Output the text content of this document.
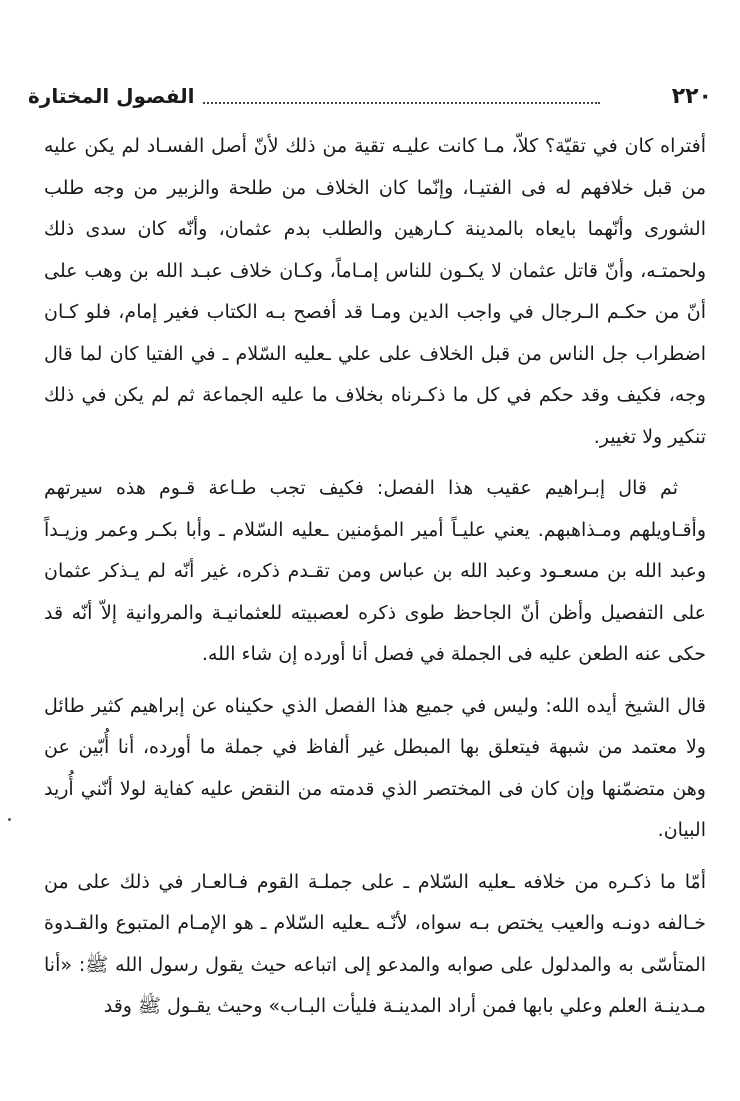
الفصول المختارة	٢٢٠

أفتراه كان في تقيّة؟ كلاّ، مـا كانت عليـه تقية من ذلك لأنّ أصل الفسـاد لم يكن عليه من قبل خلافهم له فى الفتيـا، وإنّما كان الخلاف من طلحة والزبير من وجه طلب الشورى وأنّهما بايعاه بالمدينة كـارهين والطلب بدم عثمان، وأنّه كان سدى ذلك ولحمتـه، وأنّ قاتل عثمان لا يكـون للناس إمـاماً، وكـان خلاف عبـد الله بن وهب على أنّ من حكـم الـرجال في واجب الدين ومـا قد أفصح بـه الكتاب فغير إمام، فلو كـان اضطراب جل الناس من قبل الخلاف على علي ـعليه السّلام ـ في الفتيا كان لما قال وجه، فكيف وقد حكم في كل ما ذكـرناه بخلاف ما عليه الجماعة ثم لم يكن في ذلك تنكير ولا تغيير.

ثم قال إبـراهيم عقيب هذا الفصل: فكيف تجب طـاعة قـوم هذه سيرتهم وأقـاويلهم ومـذاهبهم. يعني عليـاً أمير المؤمنين ـعليه السّلام ـ وأبا بكـر وعمر وزيـداً وعبد الله بن مسعـود وعبد الله بن عباس ومن تقـدم ذكره، غير أنّه لم يـذكر عثمان على التفصيل وأظن أنّ الجاحظ طوى ذكره لعصبيته للعثمانيـة والمروانية إلاّ أنّه قد حكى عنه الطعن عليه فى الجملة في فصل أنا أورده إن شاء الله.

قال الشيخ أيده الله: وليس في جميع هذا الفصل الذي حكيناه عن إبراهيم كثير طائل ولا معتمد من شبهة فيتعلق بها المبطل غير ألفاظ في جملة ما أورده، أنا أُبّين عن وهن متضمّنها وإن كان فى المختصر الذي قدمته من النقض عليه كفاية لولا أنّني أُريد البيان.

أمّا ما ذكـره من خلافه ـعليه السّلام ـ على جملـة القوم فـالعـار في ذلك على من خـالفه دونـه والعيب يختص بـه سواه، لأنّـه ـعليه السّلام ـ هو الإمـام المتبوع والقـدوة المتأسّى به والمدلول على صوابه والمدعو إلى اتباعه حيث يقول رسول الله ﷺ: «أنا مـدينـة العلم وعلي بابها فمن أراد المدينـة فليأت البـاب» وحيث يقـول ﷺ وقد
